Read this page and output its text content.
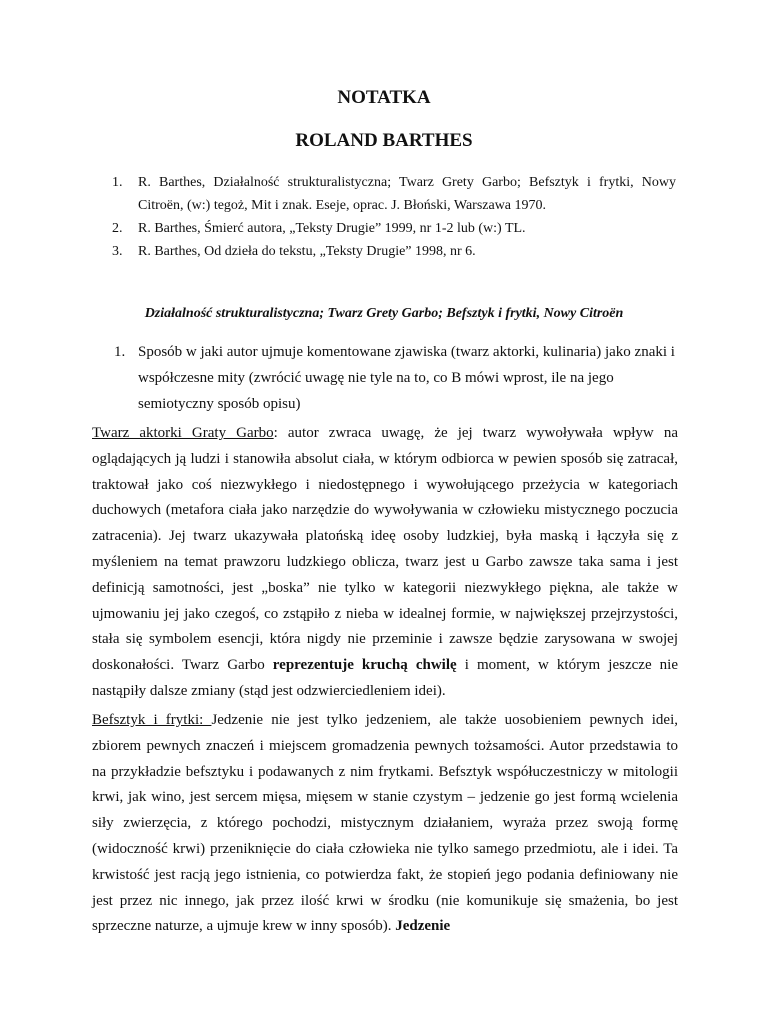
NOTATKA
ROLAND BARTHES
1. R. Barthes, Działalność strukturalistyczna; Twarz Grety Garbo; Befsztyk i frytki, Nowy Citroën, (w:) tegoż, Mit i znak. Eseje, oprac. J. Błoński, Warszawa 1970.
2. R. Barthes, Śmierć autora, „Teksty Drugie” 1999, nr 1-2 lub (w:) TL.
3. R. Barthes, Od dzieła do tekstu, „Teksty Drugie” 1998, nr 6.
Działalność strukturalistyczna; Twarz Grety Garbo; Befsztyk i frytki, Nowy Citroën
1. Sposób w jaki autor ujmuje komentowane zjawiska (twarz aktorki, kulinaria) jako znaki i współczesne mity (zwrócić uwagę nie tyle na to, co B mówi wprost, ile na jego semiotyczny sposób opisu)

Twarz aktorki Graty Garbo: autor zwraca uwagę, że jej twarz wywoływała wpływ na oglądających ją ludzi i stanowiła absolut ciała, w którym odbiorca w pewien sposób się zatracał, traktował jako coś niezwykłego i niedostępnego i wywołującego przeżycia w kategoriach duchowych (metafora ciała jako narzędzie do wywoływania w człowieku mistycznego poczucia zatracenia). Jej twarz ukazywała platońską ideę osoby ludzkiej, była maską i łączyła się z myśleniem na temat prawzoru ludzkiego oblicza, twarz jest u Garbo zawsze taka sama i jest definicją samotności, jest „boska” nie tylko w kategorii niezwykłego piękna, ale także w ujmowaniu jej jako czegoś, co zstąpiło z nieba w idealnej formie, w największej przejrzystości, stała się symbolem esencji, która nigdy nie przeminie i zawsze będzie zarysowana w swojej doskonałości. Twarz Garbo reprezentuje kruchą chwilę i moment, w którym jeszcze nie nastąpiły dalsze zmiany (stąd jest odzwierciedleniem idei).

Befsztyk i frytki: Jedzenie nie jest tylko jedzeniem, ale także uosobieniem pewnych idei, zbiorem pewnych znaczeń i miejscem gromadzenia pewnych tożsamości. Autor przedstawia to na przykładzie befsztyku i podawanych z nim frytkami. Befsztyk współuczestniczy w mitologii krwi, jak wino, jest sercem mięsa, mięsem w stanie czystym – jedzenie go jest formą wcielenia siły zwierzęcia, z którego pochodzi, mistycznym działaniem, wyraża przez swoją formę (widoczność krwi) przeniknięcie do ciała człowieka nie tylko samego przedmiotu, ale i idei. Ta krwistość jest racją jego istnienia, co potwierdza fakt, że stopień jego podania definiowany nie jest przez nic innego, jak przez ilość krwi w środku (nie komunikuje się smażenia, bo jest sprzeczne naturze, a ujmuje krew w inny sposób). Jedzenie
